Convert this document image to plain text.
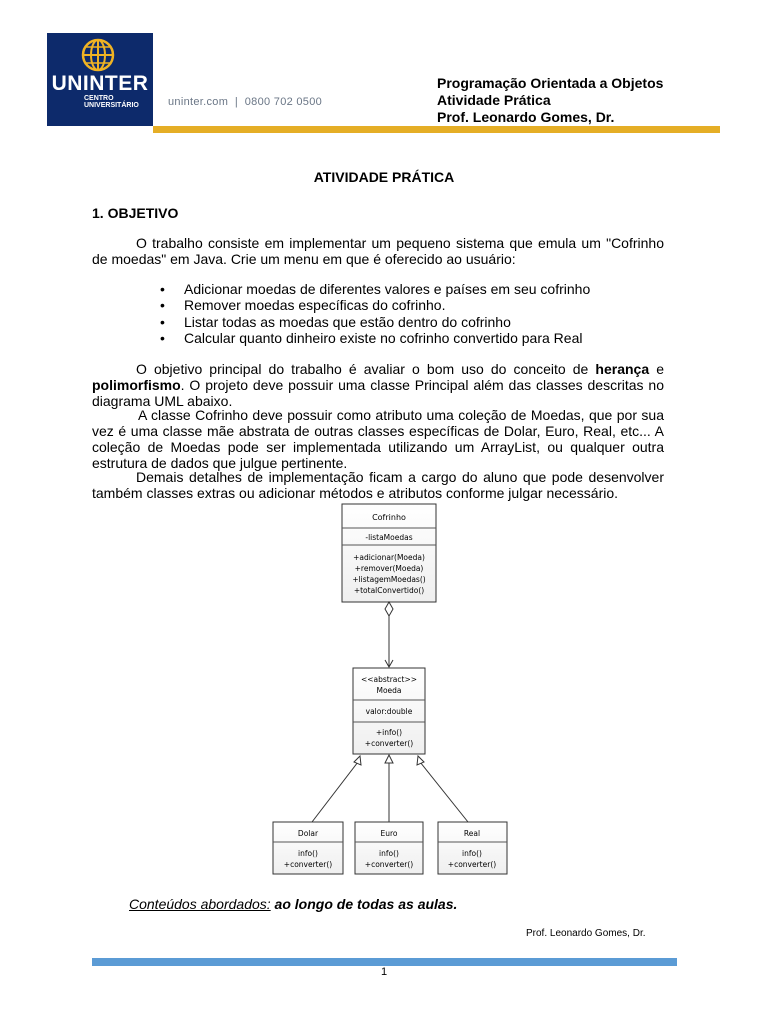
UNINTER
CENTRO
UNIVERSITÁRIO	uninter.com  |  0800 702 0500
Programação Orientada a Objetos
Atividade Prática
Prof. Leonardo Gomes, Dr.
ATIVIDADE PRÁTICA
1. OBJETIVO
O trabalho consiste em implementar um pequeno sistema que emula um "Cofrinho de moedas" em Java. Crie um menu em que é oferecido ao usuário:
• Adicionar moedas de diferentes valores e países em seu cofrinho
• Remover moedas específicas do cofrinho.
• Listar todas as moedas que estão dentro do cofrinho
• Calcular quanto dinheiro existe no cofrinho convertido para Real
O objetivo principal do trabalho é avaliar o bom uso do conceito de herança e polimorfismo. O projeto deve possuir uma classe Principal além das classes descritas no diagrama UML abaixo.
A classe Cofrinho deve possuir como atributo uma coleção de Moedas, que por sua vez é uma classe mãe abstrata de outras classes específicas de Dolar, Euro, Real, etc... A coleção de Moedas pode ser implementada utilizando um ArrayList, ou qualquer outra estrutura de dados que julgue pertinente.
Demais detalhes de implementação ficam a cargo do aluno que pode desenvolver também classes extras ou adicionar métodos e atributos conforme julgar necessário.
Cofrinho
-listaMoedas
+adicionar(Moeda)
+remover(Moeda)
+listagemMoedas()
+totalConvertido()
<<abstract>>
Moeda
valor:double
+info()
+converter()
Dolar
info()
+converter()
Euro
info()
+converter()
Real
info()
+converter()
Conteúdos abordados: ao longo de todas as aulas.
Prof. Leonardo Gomes, Dr.
1
